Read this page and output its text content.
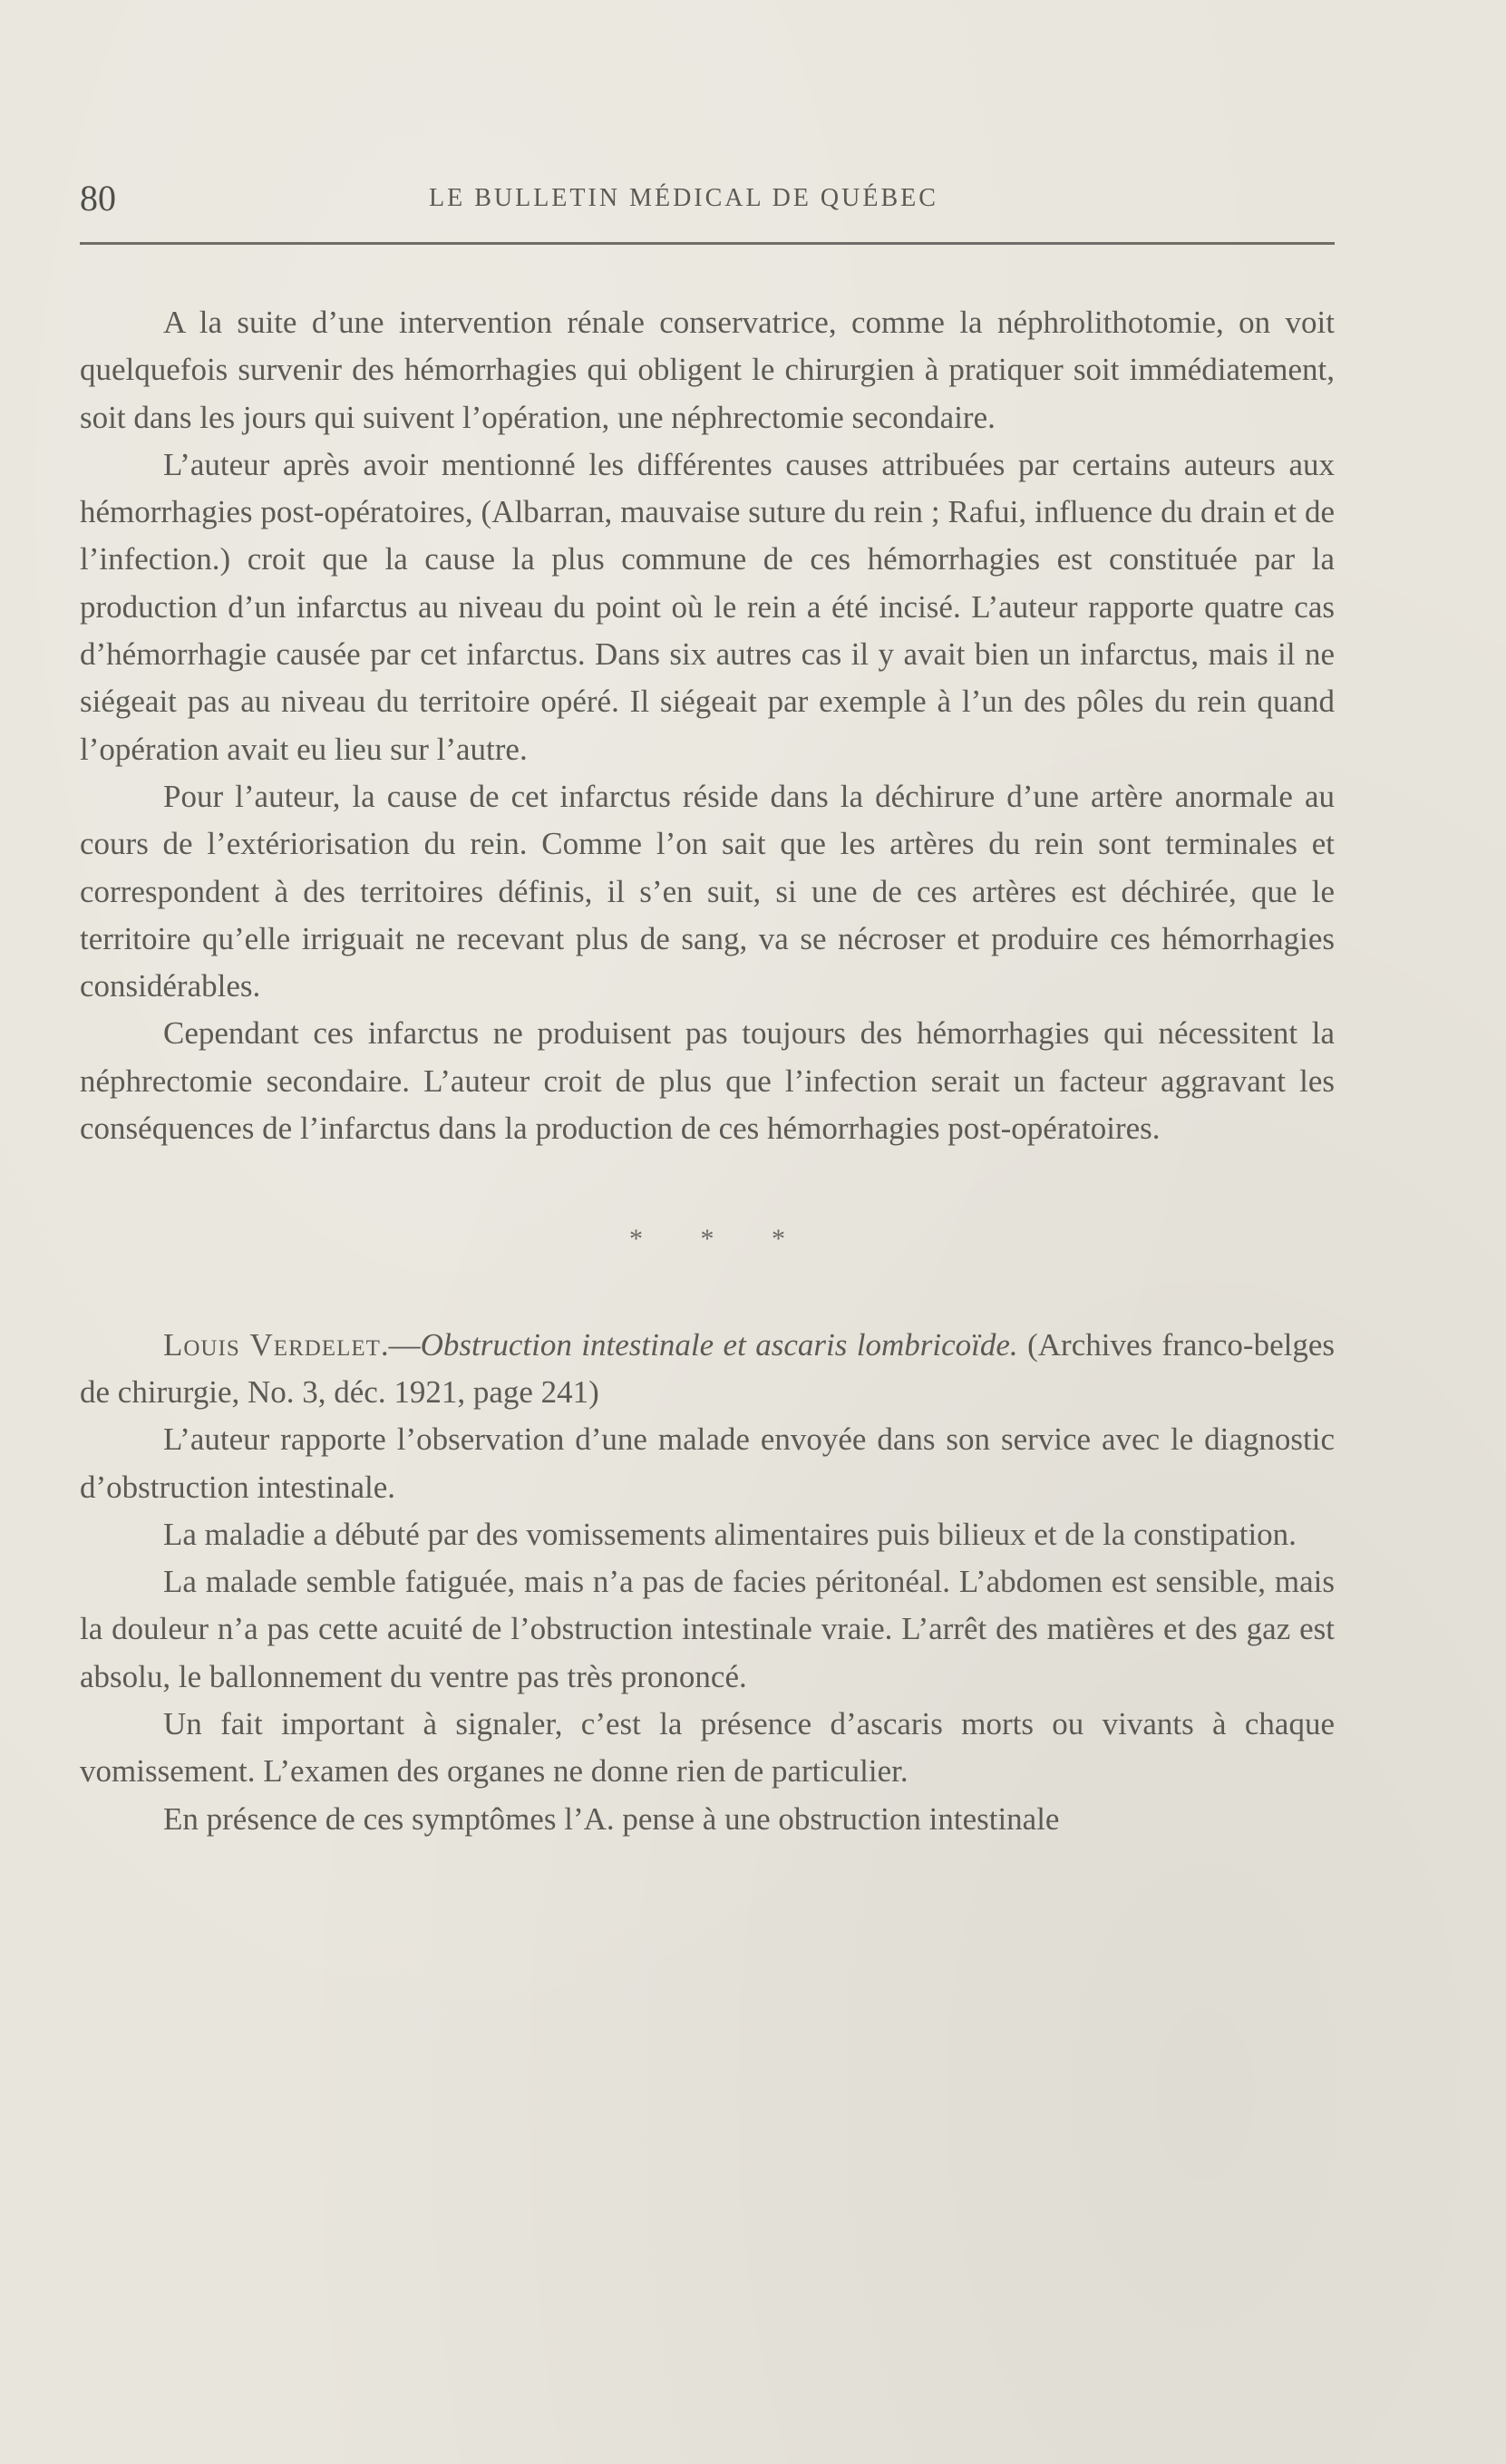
80	LE BULLETIN MÉDICAL DE QUÉBEC

A la suite d’une intervention rénale conservatrice, comme la néphrolithotomie, on voit quelquefois survenir des hémorrhagies qui obligent le chirurgien à pratiquer soit immédiatement, soit dans les jours qui suivent l’opération, une néphrectomie secondaire.

L’auteur après avoir mentionné les différentes causes attribuées par certains auteurs aux hémorrhagies post-opératoires, (Albarran, mauvaise suture du rein ; Rafui, influence du drain et de l’infection.) croit que la cause la plus commune de ces hémorrhagies est constituée par la production d’un infarctus au niveau du point où le rein a été incisé. L’auteur rapporte quatre cas d’hémorrhagie causée par cet infarctus. Dans six autres cas il y avait bien un infarctus, mais il ne siégeait pas au niveau du territoire opéré. Il siégeait par exemple à l’un des pôles du rein quand l’opération avait eu lieu sur l’autre.

Pour l’auteur, la cause de cet infarctus réside dans la déchirure d’une artère anormale au cours de l’extériorisation du rein. Comme l’on sait que les artères du rein sont terminales et correspondent à des territoires définis, il s’en suit, si une de ces artères est déchirée, que le territoire qu’elle irriguait ne recevant plus de sang, va se nécroser et produire ces hémorrhagies considérables.

Cependant ces infarctus ne produisent pas toujours des hémorrhagies qui nécessitent la néphrectomie secondaire. L’auteur croit de plus que l’infection serait un facteur aggravant les conséquences de l’infarctus dans la production de ces hémorrhagies post-opératoires.

* * *

Louis Verdelet.—Obstruction intestinale et ascaris lombricoïde. (Archives franco-belges de chirurgie, No. 3, déc. 1921, page 241)

L’auteur rapporte l’observation d’une malade envoyée dans son service avec le diagnostic d’obstruction intestinale.

La maladie a débuté par des vomissements alimentaires puis bilieux et de la constipation.

La malade semble fatiguée, mais n’a pas de facies péritonéal. L’abdomen est sensible, mais la douleur n’a pas cette acuité de l’obstruction intestinale vraie. L’arrêt des matières et des gaz est absolu, le ballonnement du ventre pas très prononcé.

Un fait important à signaler, c’est la présence d’ascaris morts ou vivants à chaque vomissement. L’examen des organes ne donne rien de particulier.

En présence de ces symptômes l’A. pense à une obstruction intestinale
